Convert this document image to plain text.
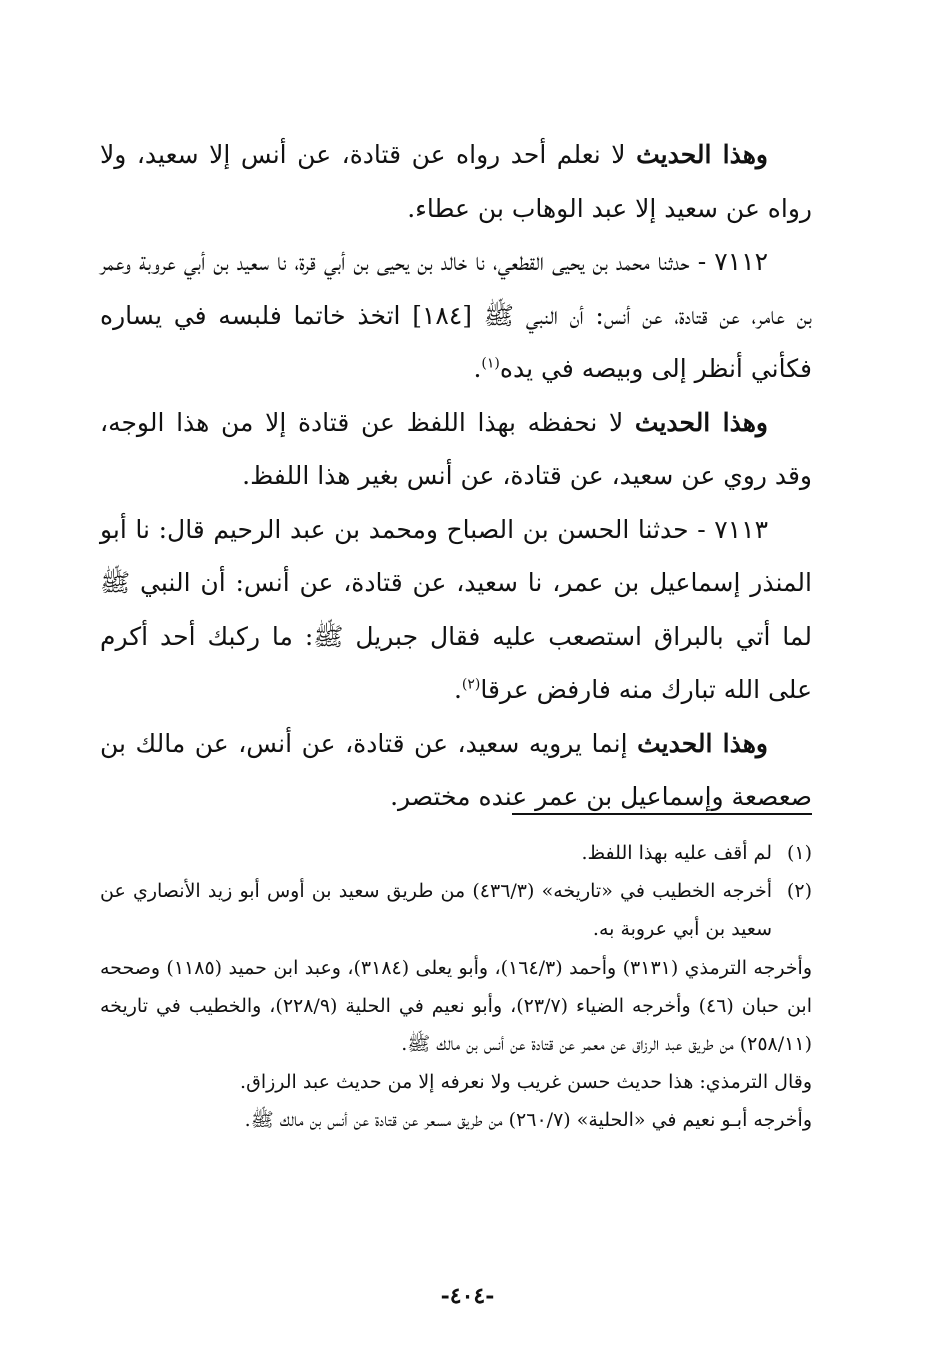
وهذا الحديث لا نعلم أحد رواه عن قتادة، عن أنس إلا سعيد، ولا رواه عن سعيد إلا عبد الوهاب بن عطاء.

٧١١٢ - حدثنا محمد بن يحيى القطعي، نا خالد بن يحيى بن أبي قرة، نا سعيد بن أبي عروبة وعمر بن عامر، عن قتادة، عن أنس: أن النبي ﷺ [١٨٤] اتخذ خاتما فلبسه في يساره فكأني أنظر إلى وبيصه في يده$^{(١)}$.

وهذا الحديث لا نحفظه بهذا اللفظ عن قتادة إلا من هذا الوجه، وقد روي عن سعيد، عن قتادة، عن أنس بغير هذا اللفظ.

٧١١٣ - حدثنا الحسن بن الصباح ومحمد بن عبد الرحيم قال: نا أبو المنذر إسماعيل بن عمر، نا سعيد، عن قتادة، عن أنس: أن النبي ﷺ لما أتي بالبراق استصعب عليه فقال جبريل ﷺ: ما ركبك أحد أكرم على الله تبارك منه فارفض عرقا$^{(٢)}$.

وهذا الحديث إنما يرويه سعيد، عن قتادة، عن أنس، عن مالك بن صعصعة وإسماعيل بن عمر عنده مختصر.

(١)لم أقف عليه بهذا اللفظ.

(٢)أخرجه الخطيب في «تاريخه» (٤٣٦/٣) من طريق سعيد بن أوس أبو زيد الأنصاري عن سعيد بن أبي عروبة به.

وأخرجه الترمذي (٣١٣١) وأحمد (١٦٤/٣)، وأبو يعلى (٣١٨٤)، وعبد ابن حميد (١١٨٥) وصححه ابن حبان (٤٦) وأخرجه الضياء (٢٣/٧)، وأبو نعيم في الحلية (٢٢٨/٩)، والخطيب في تاريخه (٢٥٨/١١) من طريق عبد الرزاق عن معمر عن قتادة عن أنس بن مالك ﷺ.

وقال الترمذي: هذا حديث حسن غريب ولا نعرفه إلا من حديث عبد الرزاق.

وأخرجه أبـو نعيم في «الحلية» (٢٦٠/٧) من طريق مسعر عن قتادة عن أنس بن مالك ﷺ.

-٤٠٤-
